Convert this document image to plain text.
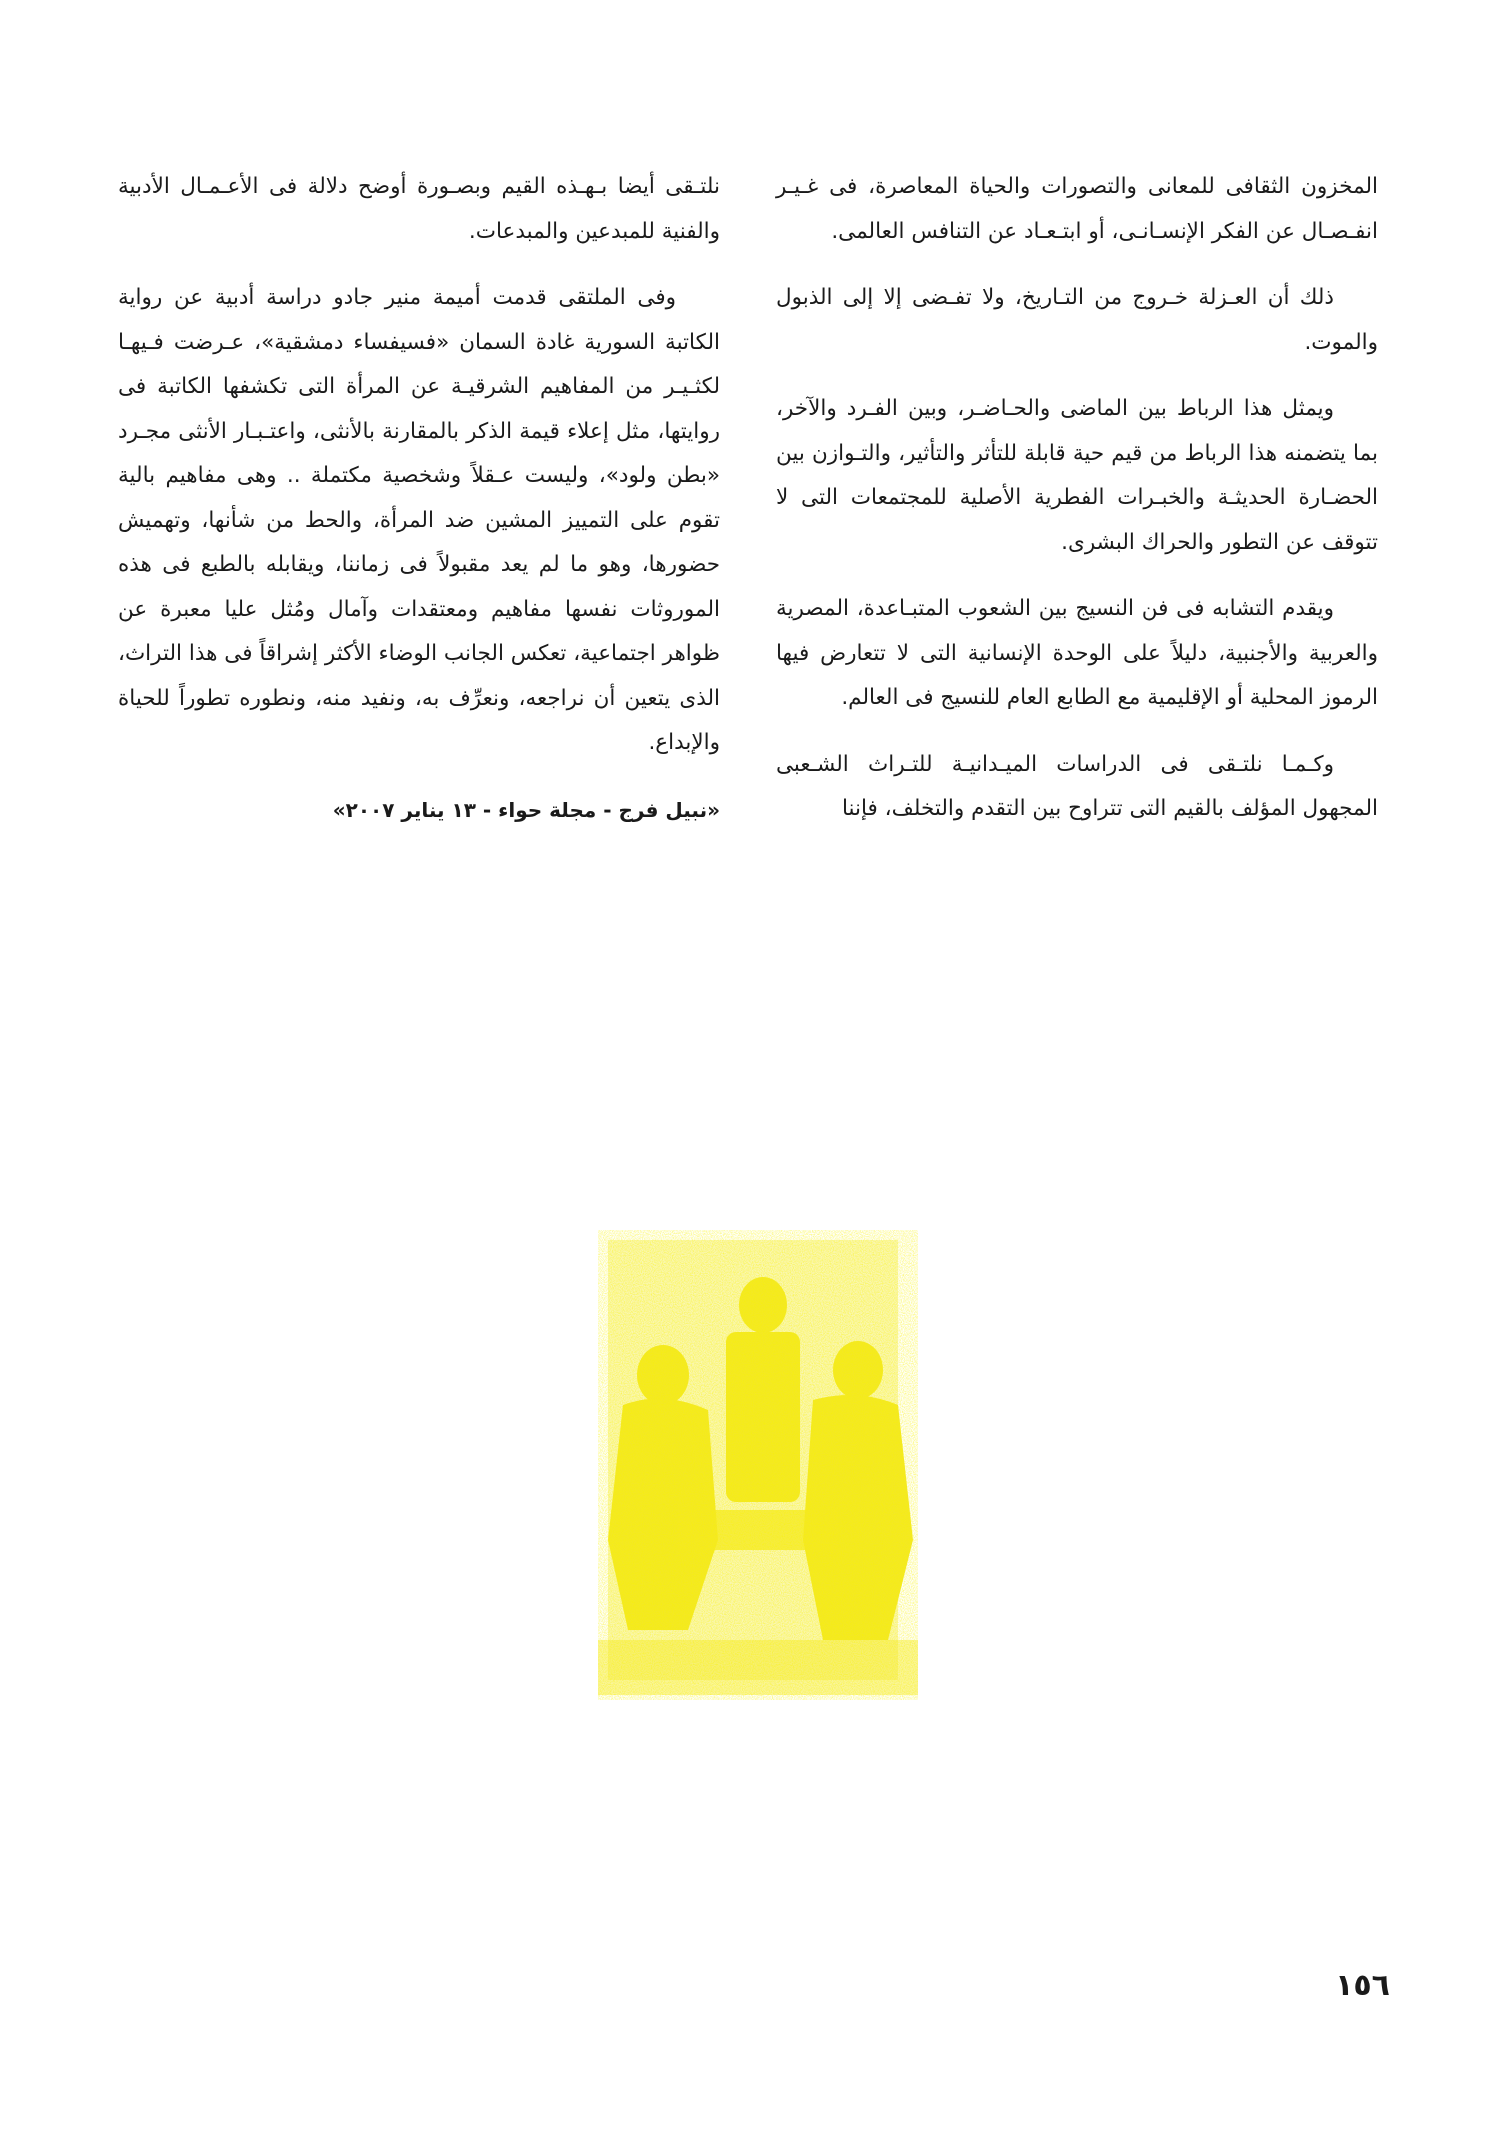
المخزون الثقافى للمعانى والتصورات والحياة المعاصرة، فى غـيـر انفـصـال عن الفكر الإنسـانـى، أو ابتـعـاد عن التنافس العالمى.

ذلك أن العـزلة خـروج من التـاريخ، ولا تفـضى إلا إلى الذبول والموت.

ويمثل هذا الرباط بين الماضى والحـاضـر، وبين الفـرد والآخر، بما يتضمنه هذا الرباط من قيم حية قابلة للتأثر والتأثير، والتـوازن بين الحضـارة الحديثـة والخبـرات الفطرية الأصلية للمجتمعات التى لا تتوقف عن التطور والحراك البشرى.

ويقدم التشابه فى فن النسيج بين الشعوب المتبـاعدة، المصرية والعربية والأجنبية، دليلاً على الوحدة الإنسانية التى لا تتعارض فيها الرموز المحلية أو الإقليمية مع الطابع العام للنسيج فى العالم.

وكـمـا نلتـقى فى الدراسات الميـدانيـة للتـراث الشـعبى المجهول المؤلف بالقيم التى تتراوح بين التقدم والتخلف، فإننا

نلتـقى أيضا بـهـذه القيم وبصـورة أوضح دلالة فى الأعـمـال الأدبية والفنية للمبدعين والمبدعات.

وفى الملتقى قدمت أميمة منير جادو دراسة أدبية عن رواية الكاتبة السورية غادة السمان «فسيفساء دمشقية»، عـرضت فـيهـا لكثـيـر من المفاهيم الشرقيـة عن المرأة التى تكشفها الكاتبة فى روايتها، مثل إعلاء قيمة الذكر بالمقارنة بالأنثى، واعتـبـار الأنثى مجـرد «بطن ولود»، وليست عـقلاً وشخصية مكتملة .. وهى مفاهيم بالية تقوم على التمييز المشين ضد المرأة، والحط من شأنها، وتهميش حضورها، وهو ما لم يعد مقبولاً فى زماننا، ويقابله بالطبع فى هذه الموروثات نفسها مفاهيم ومعتقدات وآمال ومُثل عليا معبرة عن ظواهر اجتماعية، تعكس الجانب الوضاء الأكثر إشراقاً فى هذا التراث، الذى يتعين أن نراجعه، ونعرِّف به، ونفيد منه، ونطوره تطوراً للحياة والإبداع.

«نبيل فرج - مجلة حواء - ١٣ يناير ٢٠٠٧»
١٥٦
